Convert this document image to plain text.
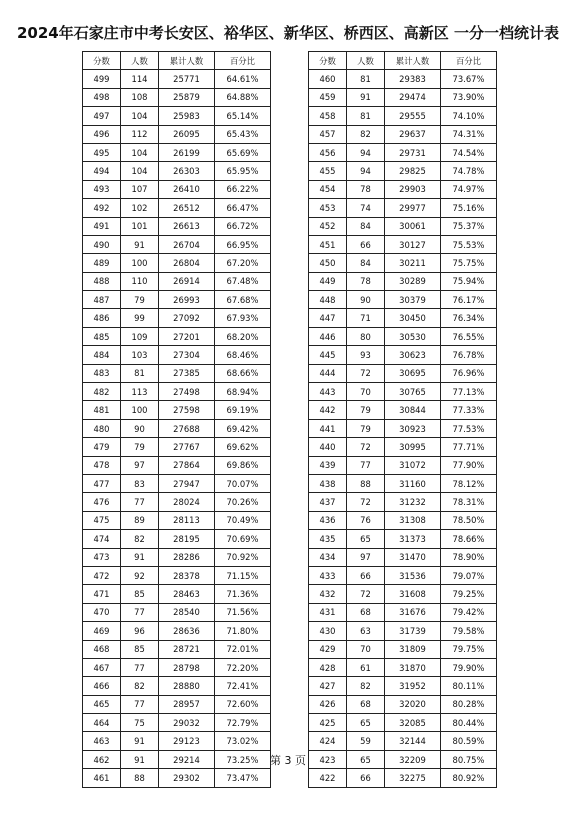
2024年石家庄市中考长安区、裕华区、新华区、桥西区、高新区 一分一档统计表
分数	人数	累计人数	百分比
499	114	25771	64.61%
498	108	25879	64.88%
497	104	25983	65.14%
496	112	26095	65.43%
495	104	26199	65.69%
494	104	26303	65.95%
493	107	26410	66.22%
492	102	26512	66.47%
491	101	26613	66.72%
490	91	26704	66.95%
489	100	26804	67.20%
488	110	26914	67.48%
487	79	26993	67.68%
486	99	27092	67.93%
485	109	27201	68.20%
484	103	27304	68.46%
483	81	27385	68.66%
482	113	27498	68.94%
481	100	27598	69.19%
480	90	27688	69.42%
479	79	27767	69.62%
478	97	27864	69.86%
477	83	27947	70.07%
476	77	28024	70.26%
475	89	28113	70.49%
474	82	28195	70.69%
473	91	28286	70.92%
472	92	28378	71.15%
471	85	28463	71.36%
470	77	28540	71.56%
469	96	28636	71.80%
468	85	28721	72.01%
467	77	28798	72.20%
466	82	28880	72.41%
465	77	28957	72.60%
464	75	29032	72.79%
463	91	29123	73.02%
462	91	29214	73.25%
461	88	29302	73.47%
分数	人数	累计人数	百分比
460	81	29383	73.67%
459	91	29474	73.90%
458	81	29555	74.10%
457	82	29637	74.31%
456	94	29731	74.54%
455	94	29825	74.78%
454	78	29903	74.97%
453	74	29977	75.16%
452	84	30061	75.37%
451	66	30127	75.53%
450	84	30211	75.75%
449	78	30289	75.94%
448	90	30379	76.17%
447	71	30450	76.34%
446	80	30530	76.55%
445	93	30623	76.78%
444	72	30695	76.96%
443	70	30765	77.13%
442	79	30844	77.33%
441	79	30923	77.53%
440	72	30995	77.71%
439	77	31072	77.90%
438	88	31160	78.12%
437	72	31232	78.31%
436	76	31308	78.50%
435	65	31373	78.66%
434	97	31470	78.90%
433	66	31536	79.07%
432	72	31608	79.25%
431	68	31676	79.42%
430	63	31739	79.58%
429	70	31809	79.75%
428	61	31870	79.90%
427	82	31952	80.11%
426	68	32020	80.28%
425	65	32085	80.44%
424	59	32144	80.59%
423	65	32209	80.75%
422	66	32275	80.92%
第 3 页
